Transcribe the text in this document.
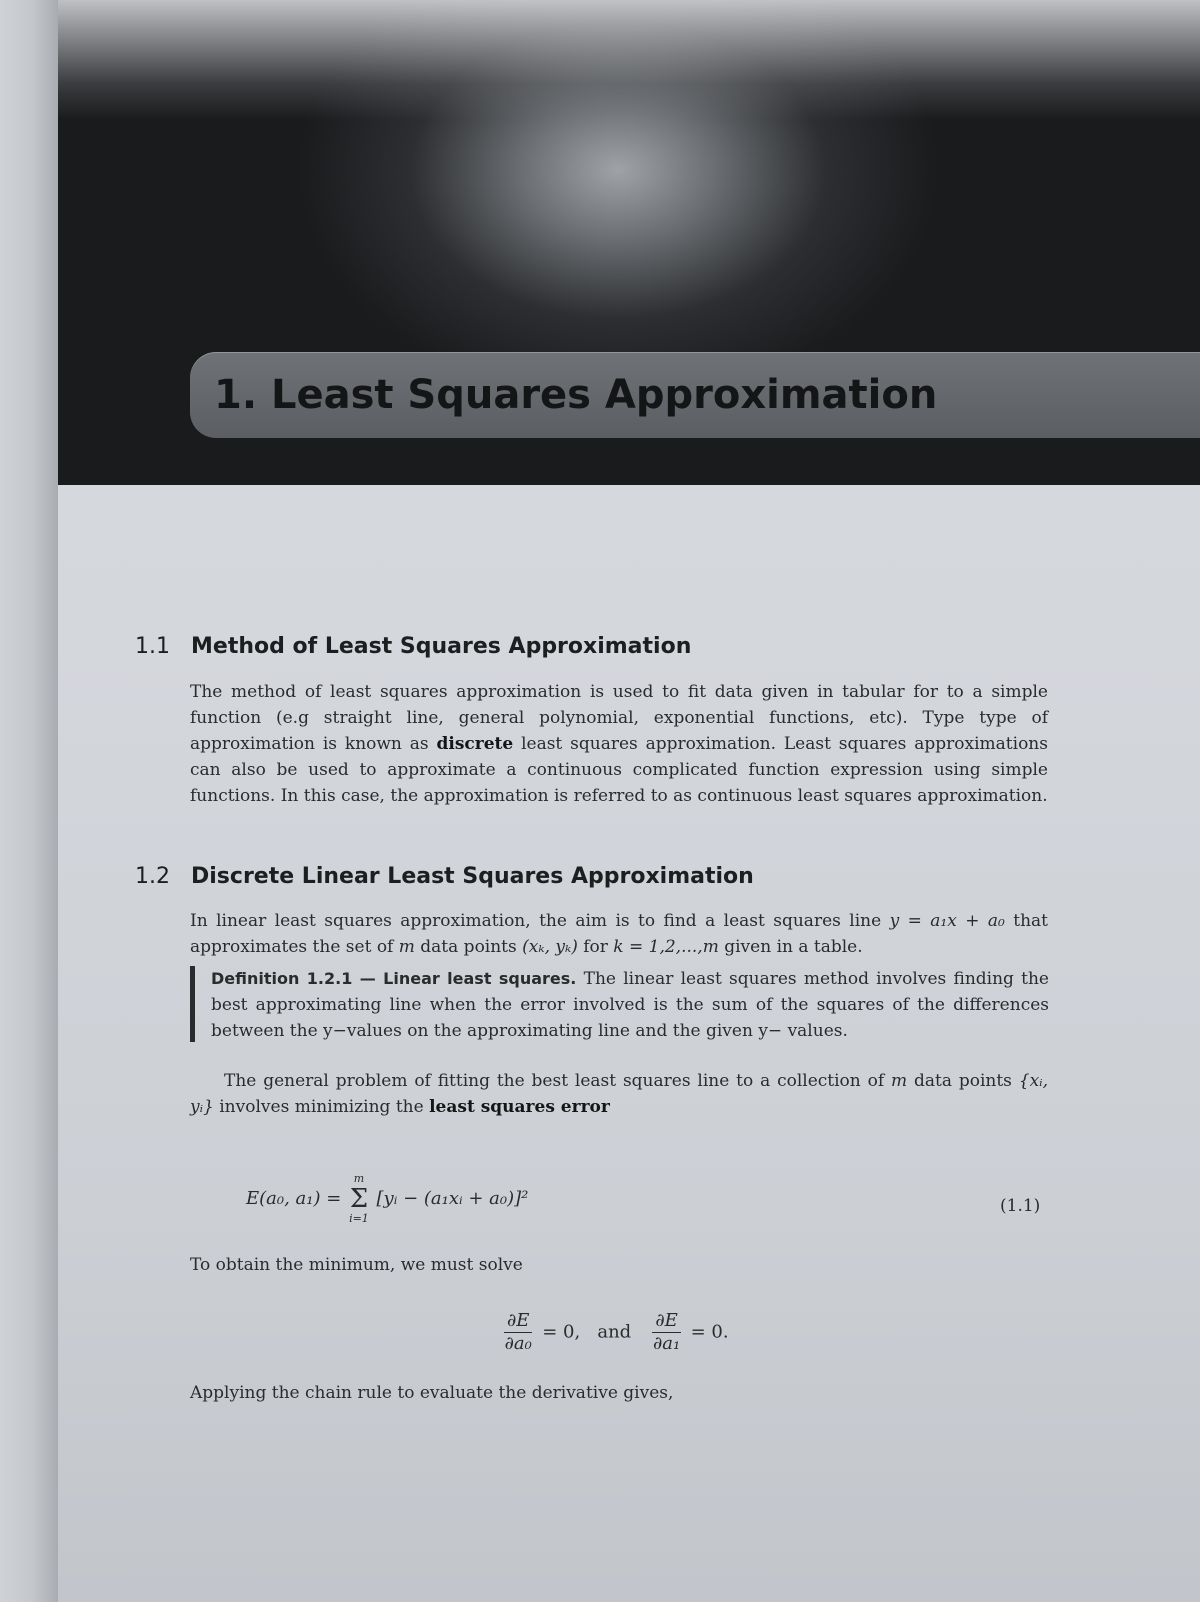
1. Least Squares Approximation
1.1 Method of Least Squares Approximation

The method of least squares approximation is used to fit data given in tabular for to a simple function (e.g straight line, general polynomial, exponential functions, etc). Type type of approximation is known as discrete least squares approximation. Least squares approximations can also be used to approximate a continuous complicated function expression using simple functions. In this case, the approximation is referred to as continuous least squares approximation.

1.2 Discrete Linear Least Squares Approximation

In linear least squares approximation, the aim is to find a least squares line y = a₁x + a₀ that approximates the set of m data points (xₖ, yₖ) for k = 1,2,...,m given in a table.

Definition 1.2.1 — Linear least squares. The linear least squares method involves finding the best approximating line when the error involved is the sum of the squares of the differences between the y−values on the approximating line and the given y− values.

The general problem of fitting the best least squares line to a collection of m data points {xᵢ, yᵢ} involves minimizing the least squares error

E(a₀, a₁) =
m
Σ
i=1
[yᵢ − (a₁xᵢ + a₀)]²	(1.1)

To obtain the minimum, we must solve

$\frac{\partial E}{\text{∂a₀}} = 0$, and $\frac{\partial E}{\text{∂a₁}} = 0$.

Applying the chain rule to evaluate the derivative gives,
